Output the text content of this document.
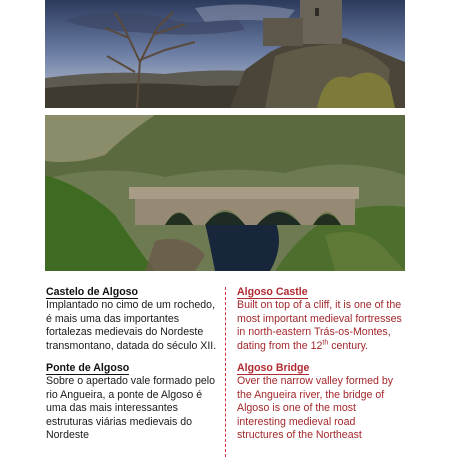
Castelo de Algoso
Implantado no cimo de um rochedo, é mais uma das importantes fortalezas medievais do Nordeste transmontano, datada do século XII.
Ponte de Algoso
Sobre o apertado vale formado pelo rio Angueira, a ponte de Algoso é uma das mais interessantes estruturas viárias medievais do Nordeste
Algoso Castle
Built on top of a cliff, it is one of the most important medieval fortresses in north-eastern Trás-os-Montes, dating from the 12th century.
Algoso Bridge
Over the narrow valley formed by the Angueira river, the bridge of Algoso is one of the most interesting medieval road structures of the Northeast
